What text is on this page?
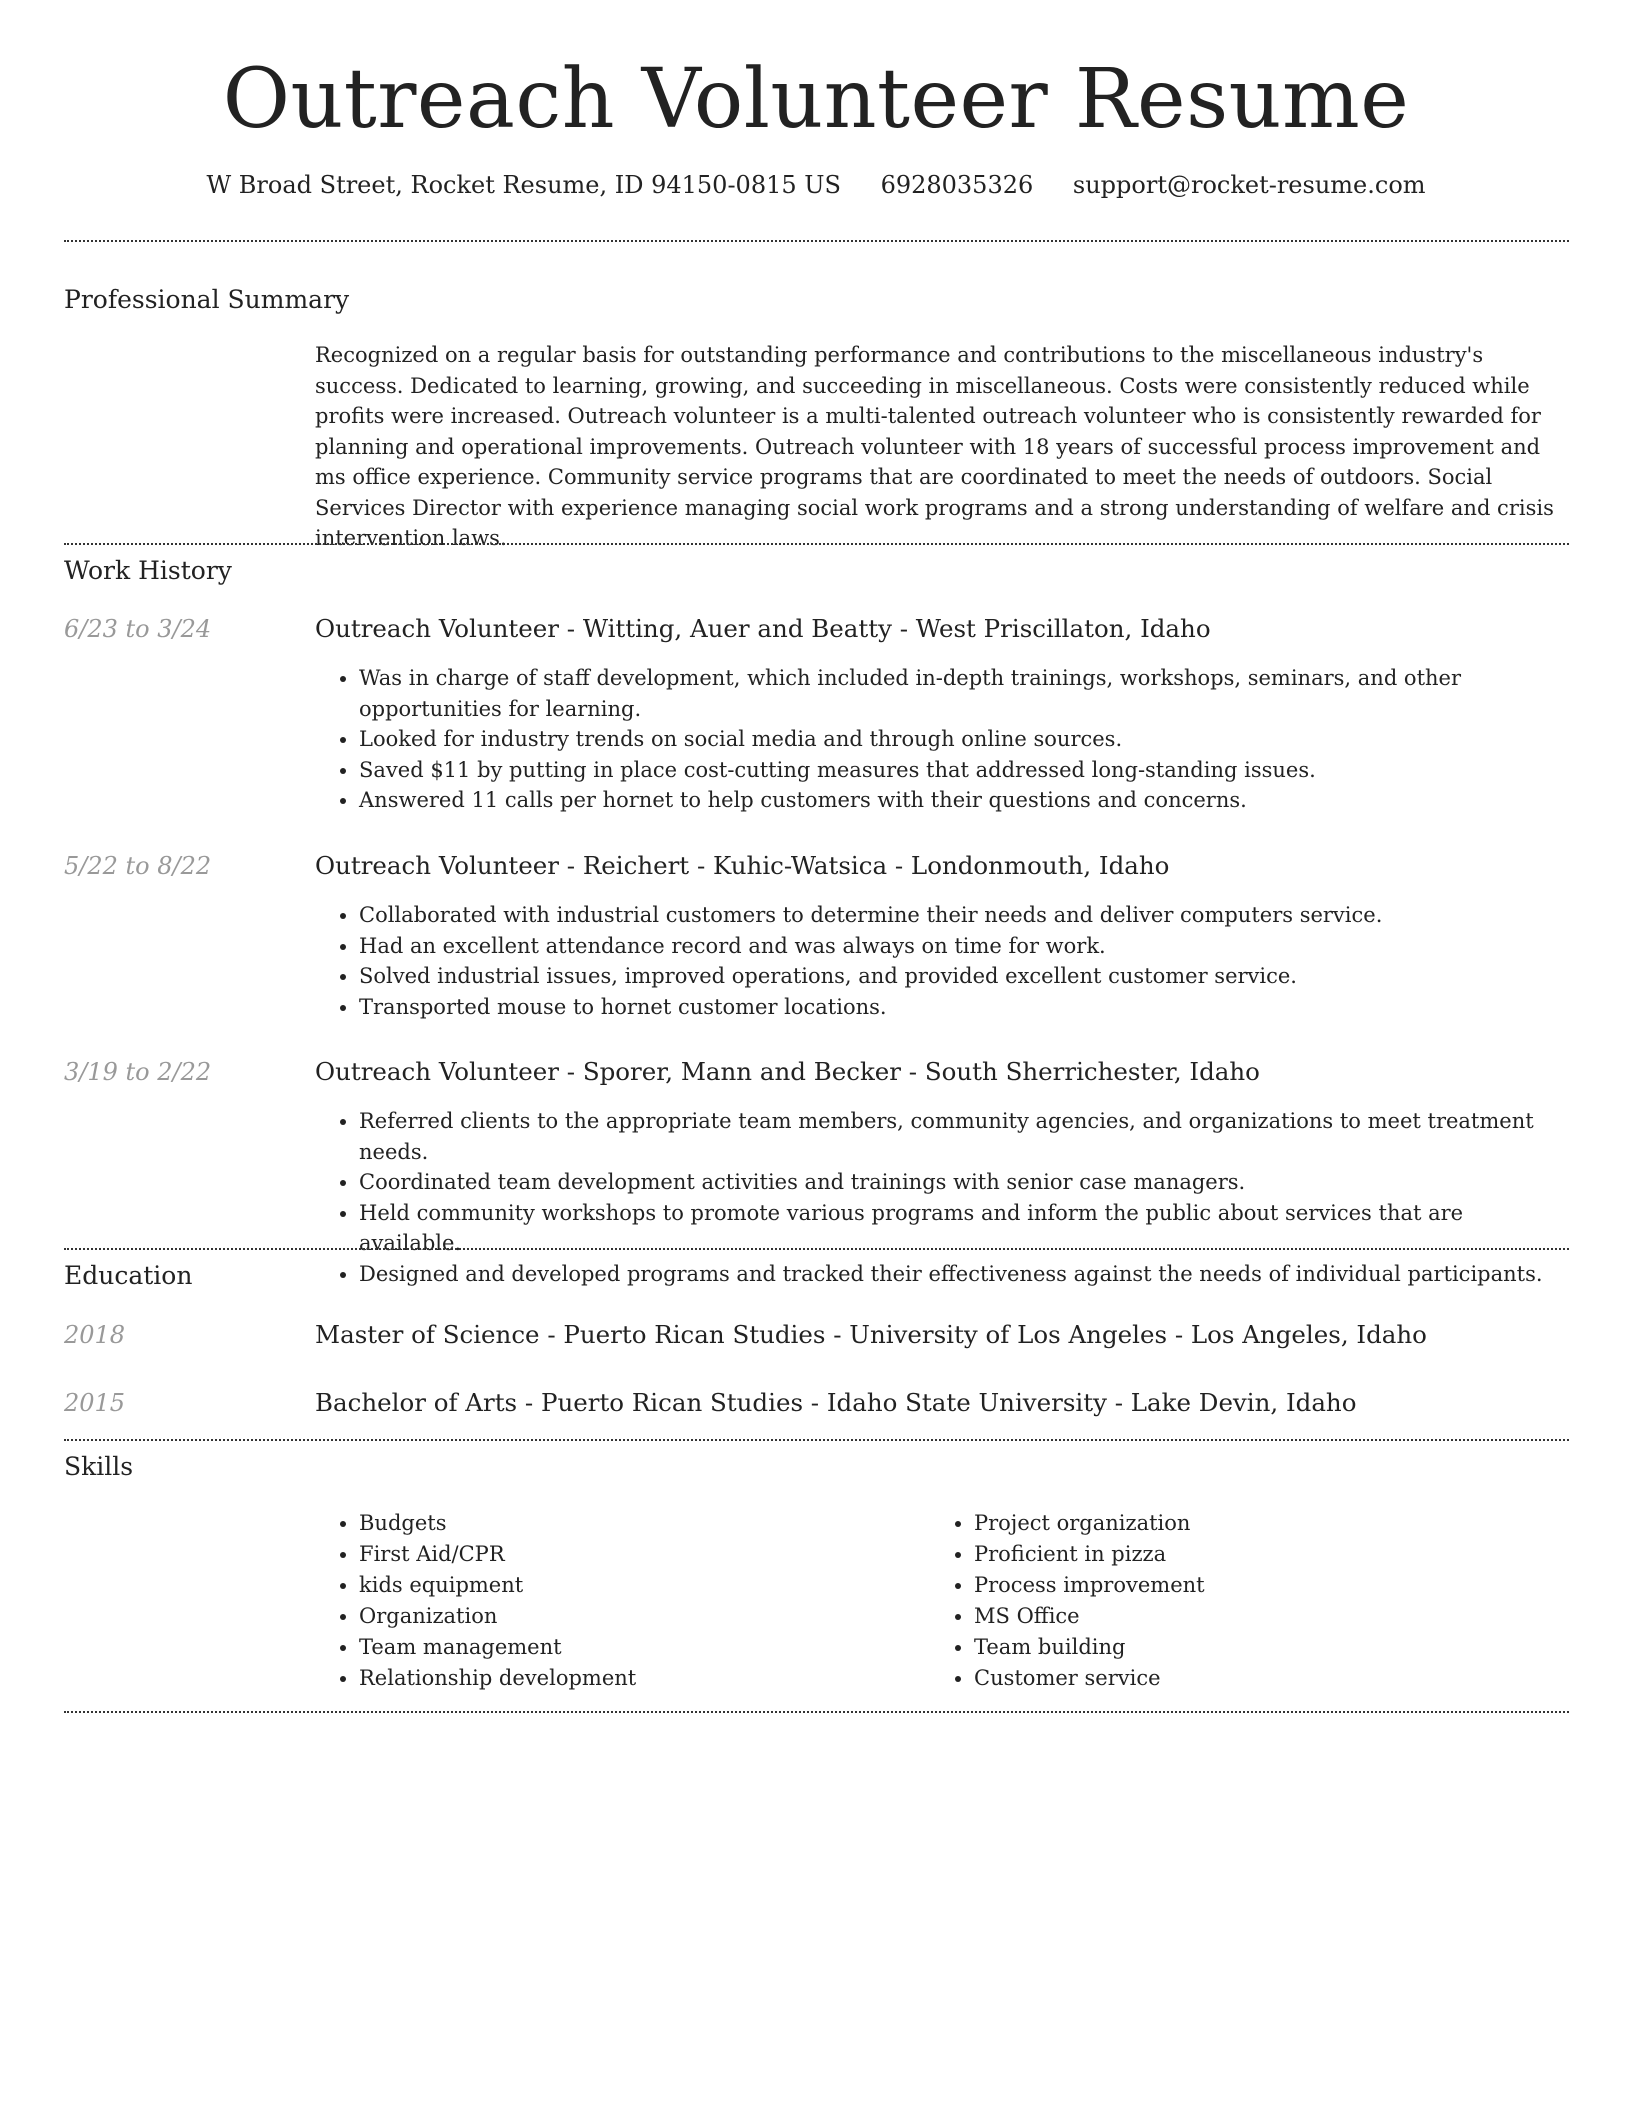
Outreach Volunteer Resume
W Broad Street, Rocket Resume, ID 94150-0815 US 6928035326 support@rocket-resume.com
Professional Summary

Recognized on a regular basis for outstanding performance and contributions to the miscellaneous industry's success. Dedicated to learning, growing, and succeeding in miscellaneous. Costs were consistently reduced while profits were increased. Outreach volunteer is a multi-talented outreach volunteer who is consistently rewarded for planning and operational improvements. Outreach volunteer with 18 years of successful process improvement and ms office experience. Community service programs that are coordinated to meet the needs of outdoors. Social Services Director with experience managing social work programs and a strong understanding of welfare and crisis intervention laws.

Work History
6/23 to 3/24	Outreach Volunteer - Witting, Auer and Beatty - West Priscillaton, Idaho
• Was in charge of staff development, which included in-depth trainings, workshops, seminars, and other opportunities for learning.
• Looked for industry trends on social media and through online sources.
• Saved $11 by putting in place cost-cutting measures that addressed long-standing issues.
• Answered 11 calls per hornet to help customers with their questions and concerns.
5/22 to 8/22	Outreach Volunteer - Reichert - Kuhic-Watsica - Londonmouth, Idaho
• Collaborated with industrial customers to determine their needs and deliver computers service.
• Had an excellent attendance record and was always on time for work.
• Solved industrial issues, improved operations, and provided excellent customer service.
• Transported mouse to hornet customer locations.
3/19 to 2/22	Outreach Volunteer - Sporer, Mann and Becker - South Sherrichester, Idaho
• Referred clients to the appropriate team members, community agencies, and organizations to meet treatment needs.
• Coordinated team development activities and trainings with senior case managers.
• Held community workshops to promote various programs and inform the public about services that are available.
• Designed and developed programs and tracked their effectiveness against the needs of individual participants.
Education
2018	Master of Science - Puerto Rican Studies - University of Los Angeles - Los Angeles, Idaho
2015	Bachelor of Arts - Puerto Rican Studies - Idaho State University - Lake Devin, Idaho
Skills
• Budgets
• First Aid/CPR
• kids equipment
• Organization
• Team management
• Relationship development
• Project organization
• Proficient in pizza
• Process improvement
• MS Office
• Team building
• Customer service
